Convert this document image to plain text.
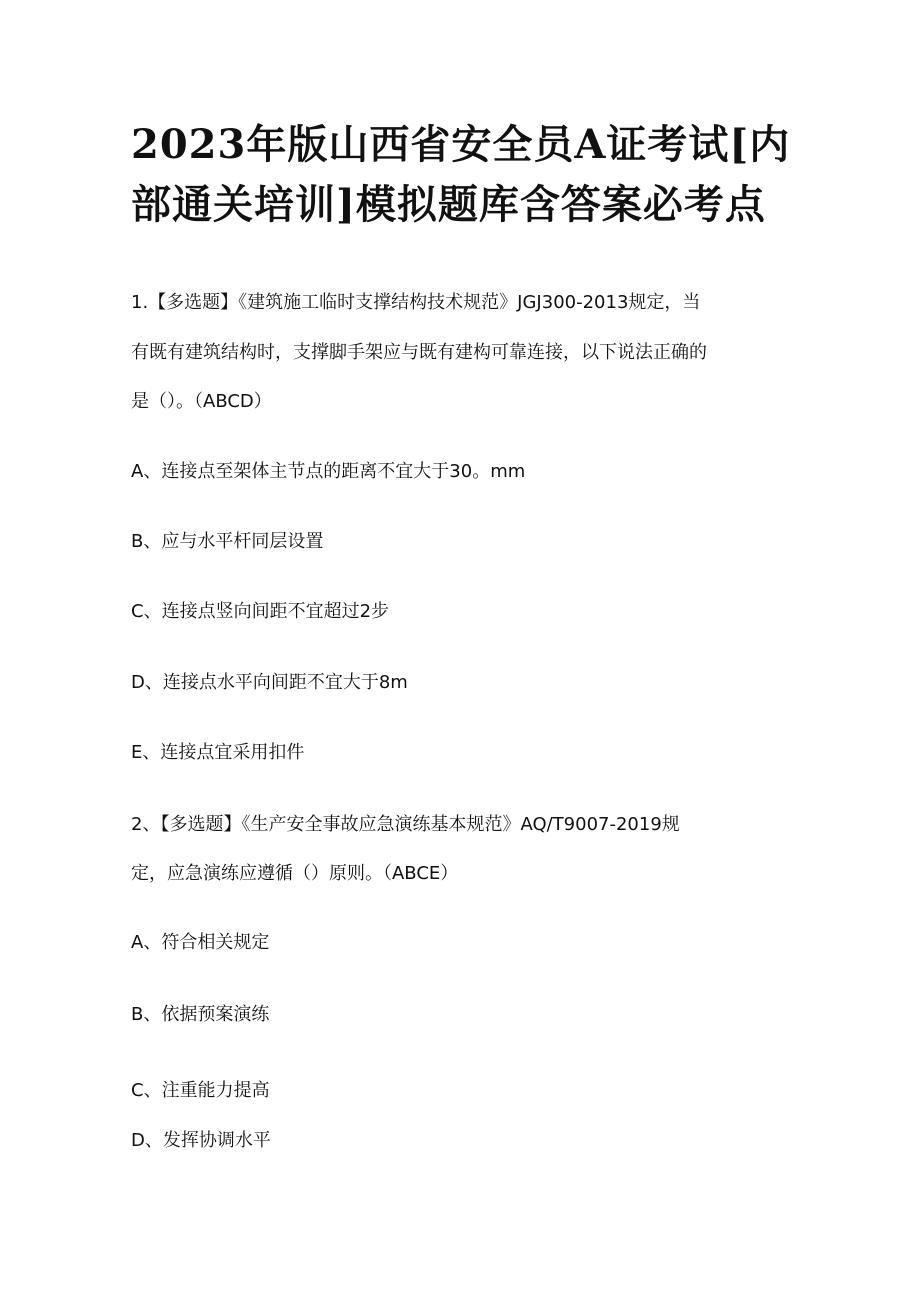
2023年版山西省安全员A证考试[内
部通关培训]模拟题库含答案必考点

1.【多选题】《建筑施工临时支撑结构技术规范》JGJ300-2013规定，当

有既有建筑结构时，支撑脚手架应与既有建构可靠连接，以下说法正确的

是（）。（ABCD）

A、连接点至架体主节点的距离不宜大于30。mm

B、应与水平杆同层设置

C、连接点竖向间距不宜超过2步

D、连接点水平向间距不宜大于8m

E、连接点宜采用扣件

2、【多选题】《生产安全事故应急演练基本规范》AQ/T9007-2019规

定，应急演练应遵循（）原则。（ABCE）

A、符合相关规定

B、依据预案演练

C、注重能力提高

D、发挥协调水平
